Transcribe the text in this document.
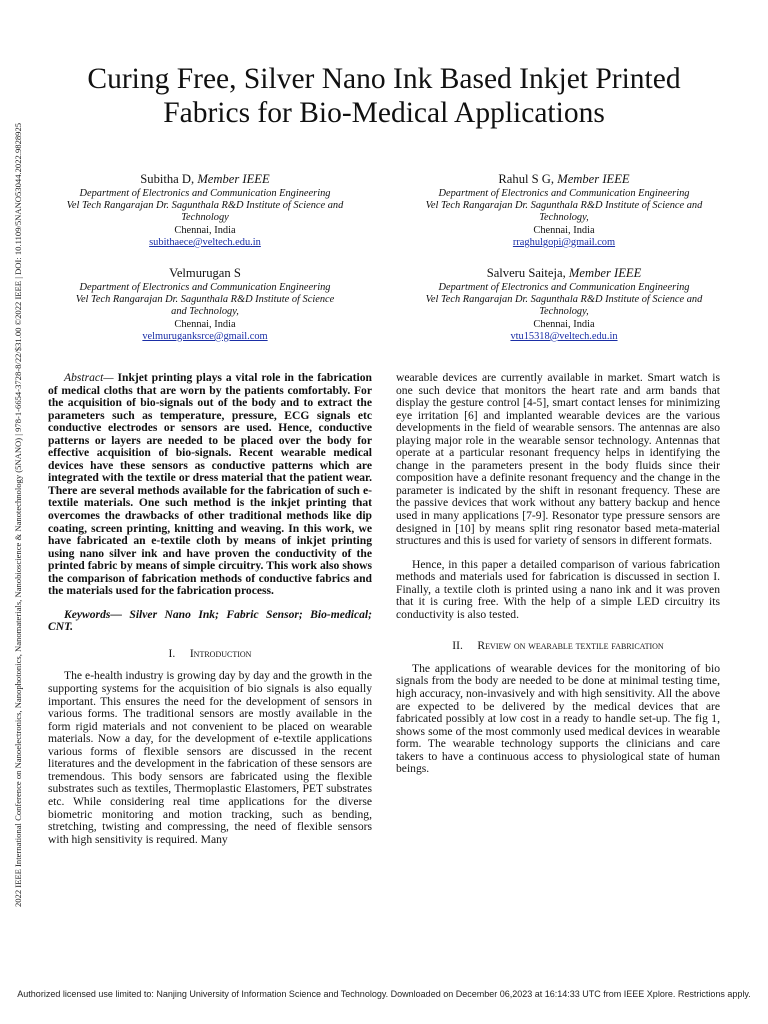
2022 IEEE International Conference on Nanoelectronics, Nanophotonics, Nanomaterials, Nanobioscience & Nanotechnology (5NANO) | 978-1-6654-3728-8/22/$31.00 ©2022 IEEE | DOI: 10.1109/5NANO53044.2022.9828925
Curing Free, Silver Nano Ink Based Inkjet Printed
Fabrics for Bio-Medical Applications
Subitha D, Member IEEE
Department of Electronics and Communication Engineering
Vel Tech Rangarajan Dr. Sagunthala R&D Institute of Science and
Technology
Chennai, India
subithaece@veltech.edu.in
Rahul S G, Member IEEE
Department of Electronics and Communication Engineering
Vel Tech Rangarajan Dr. Sagunthala R&D Institute of Science and
Technology,
Chennai, India
rraghulgopi@gmail.com
Velmurugan S
Department of Electronics and Communication Engineering
Vel Tech Rangarajan Dr. Sagunthala R&D Institute of Science
and Technology,
Chennai, India
velmuruganksrce@gmail.com
Salveru Saiteja, Member IEEE
Department of Electronics and Communication Engineering
Vel Tech Rangarajan Dr. Sagunthala R&D Institute of Science and
Technology,
Chennai, India
vtu15318@veltech.edu.in

Abstract— Inkjet printing plays a vital role in the fabrication of medical cloths that are worn by the patients comfortably. For the acquisition of bio-signals out of the body and to extract the parameters such as temperature, pressure, ECG signals etc conductive electrodes or sensors are used. Hence, conductive patterns or layers are needed to be placed over the body for effective acquisition of bio-signals. Recent wearable medical devices have these sensors as conductive patterns which are integrated with the textile or dress material that the patient wear. There are several methods available for the fabrication of such e-textile materials. One such method is the inkjet printing that overcomes the drawbacks of other traditional methods like dip coating, screen printing, knitting and weaving. In this work, we have fabricated an e-textile cloth by means of inkjet printing using nano silver ink and have proven the conductivity of the printed fabric by means of simple circuitry. This work also shows the comparison of fabrication methods of conductive fabrics and the materials used for the fabrication process.

Keywords— Silver Nano Ink; Fabric Sensor; Bio-medical; CNT.

I. Introduction

The e-health industry is growing day by day and the growth in the supporting systems for the acquisition of bio signals is also equally important. This ensures the need for the development of sensors in various forms. The traditional sensors are mostly available in the form rigid materials and not convenient to be placed on wearable materials. Now a day, for the development of e-textile applications various forms of flexible sensors are discussed in the recent literatures and the development in the fabrication of these sensors are tremendous. This body sensors are fabricated using the flexible substrates such as textiles, Thermoplastic Elastomers, PET substrates etc. While considering real time applications for the diverse biometric monitoring and motion tracking, such as bending, stretching, twisting and compressing, the need of flexible sensors with high sensitivity is required. Many

wearable devices are currently available in market. Smart watch is one such device that monitors the heart rate and arm bands that display the gesture control [4-5], smart contact lenses for minimizing eye irritation [6] and implanted wearable devices are the various developments in the field of wearable sensors. The antennas are also playing major role in the wearable sensor technology. Antennas that operate at a particular resonant frequency helps in identifying the change in the parameters present in the body fluids since their composition have a definite resonant frequency and the change in the parameter is indicated by the shift in resonant frequency. These are the passive devices that work without any battery backup and hence used in many applications [7-9]. Resonator type pressure sensors are designed in [10] by means split ring resonator based meta-material structures and this is used for variety of sensors in different formats.

Hence, in this paper a detailed comparison of various fabrication methods and materials used for fabrication is discussed in section I. Finally, a textile cloth is printed using a nano ink and it was proven that it is curing free. With the help of a simple LED circuitry its conductivity is also tested.

II. Review on wearable textile fabrication

The applications of wearable devices for the monitoring of bio signals from the body are needed to be done at minimal testing time, high accuracy, non-invasively and with high sensitivity. All the above are expected to be delivered by the medical devices that are fabricated possibly at low cost in a ready to handle set-up. The fig 1, shows some of the most commonly used medical devices in wearable form. The wearable technology supports the clinicians and care takers to have a continuous access to physiological state of human beings.

Authorized licensed use limited to: Nanjing University of Information Science and Technology. Downloaded on December 06,2023 at 16:14:33 UTC from IEEE Xplore. Restrictions apply.
